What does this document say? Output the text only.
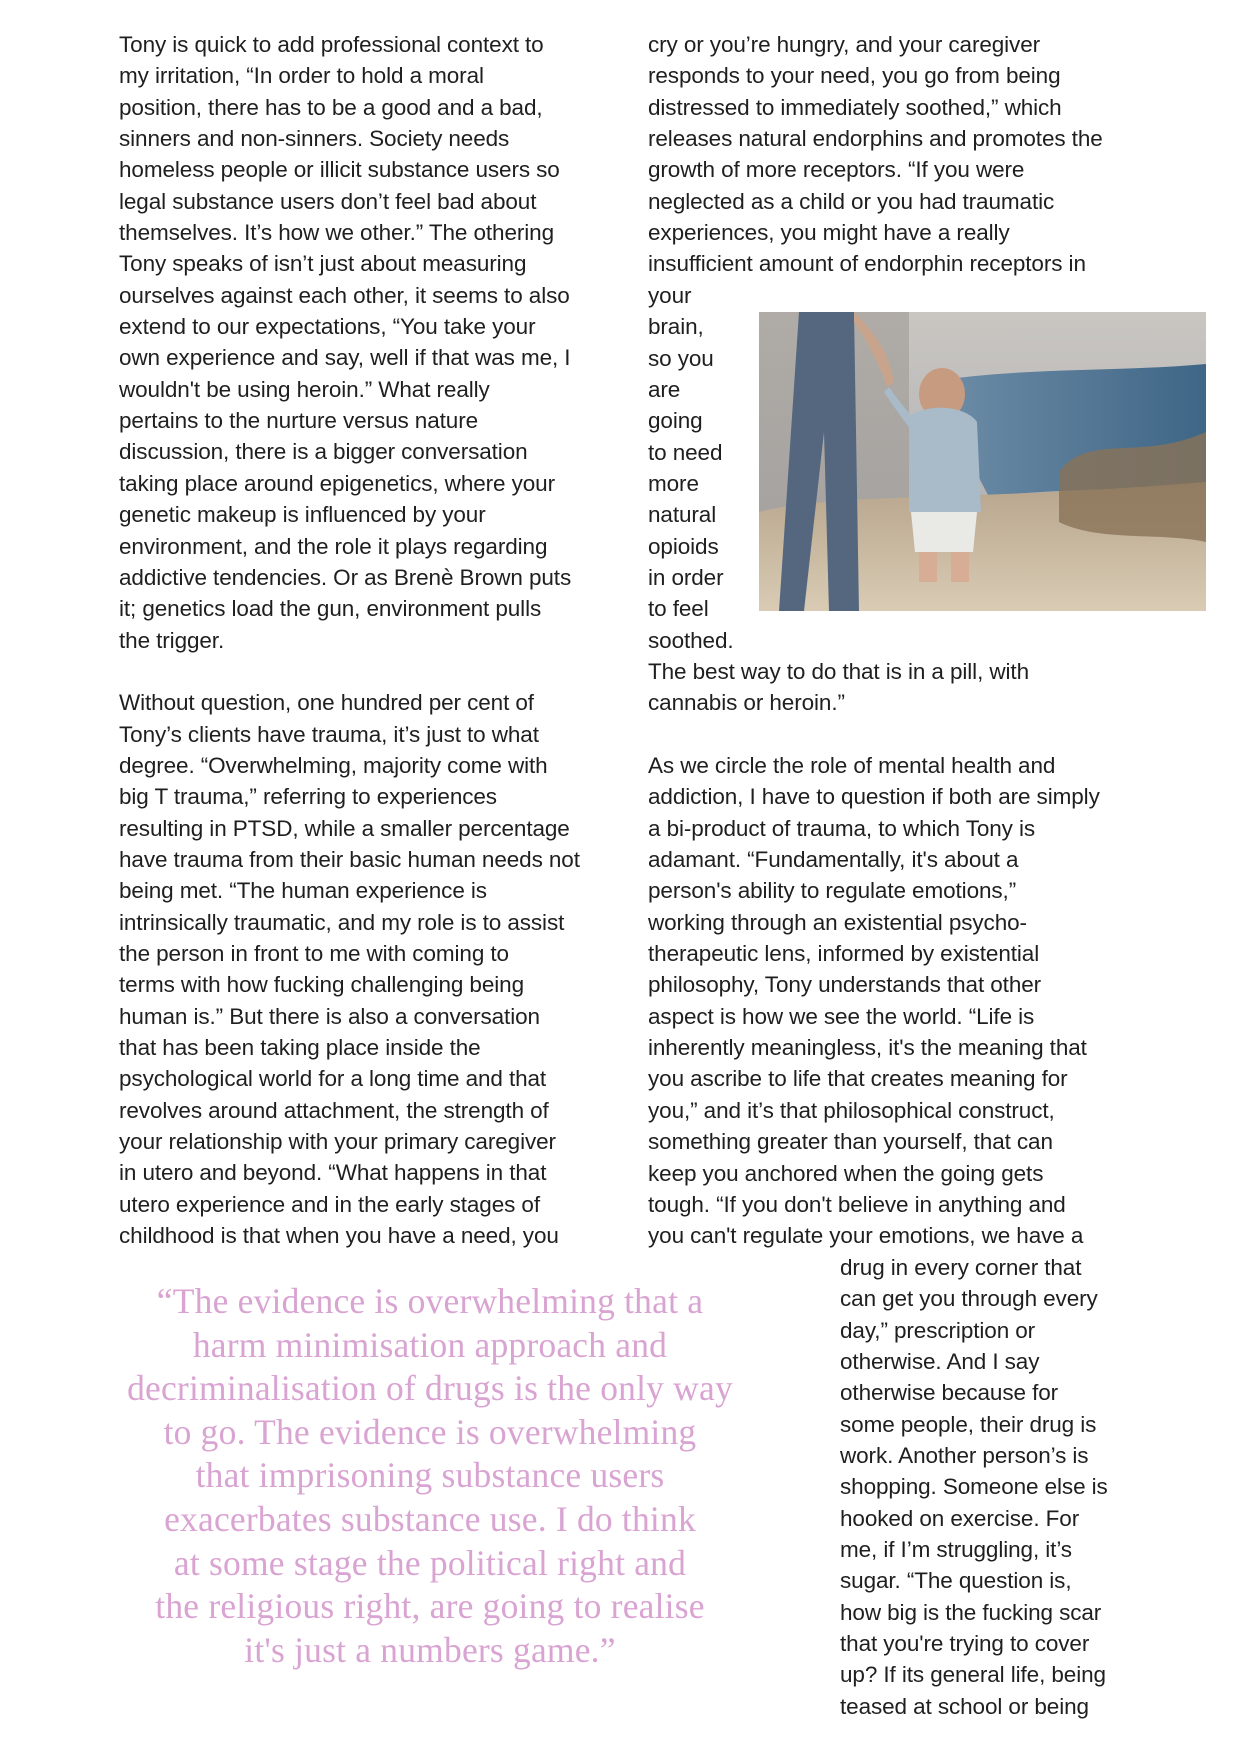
Tony is quick to add professional context to
my irritation, “In order to hold a moral
position, there has to be a good and a bad,
sinners and non-sinners. Society needs
homeless people or illicit substance users so
legal substance users don’t feel bad about
themselves. It’s how we other.” The othering
Tony speaks of isn’t just about measuring
ourselves against each other, it seems to also
extend to our expectations, “You take your
own experience and say, well if that was me, I
wouldn't be using heroin.” What really
pertains to the nurture versus nature
discussion, there is a bigger conversation
taking place around epigenetics, where your
genetic makeup is influenced by your
environment, and the role it plays regarding
addictive tendencies. Or as Brenè Brown puts
it; genetics load the gun, environment pulls
the trigger.
Without question, one hundred per cent of
Tony’s clients have trauma, it’s just to what
degree. “Overwhelming, majority come with
big T trauma,” referring to experiences
resulting in PTSD, while a smaller percentage
have trauma from their basic human needs not
being met. “The human experience is
intrinsically traumatic, and my role is to assist
the person in front to me with coming to
terms with how fucking challenging being
human is.” But there is also a conversation
that has been taking place inside the
psychological world for a long time and that
revolves around attachment, the strength of
your relationship with your primary caregiver
in utero and beyond. “What happens in that
utero experience and in the early stages of
childhood is that when you have a need, you
cry or you’re hungry, and your caregiver
responds to your need, you go from being
distressed to immediately soothed,” which
releases natural endorphins and promotes the
growth of more receptors. “If you were
neglected as a child or you had traumatic
experiences, you might have a really
insufficient amount of endorphin receptors in
your
brain,
so you
are
going
to need
more
natural
opioids
in order
to feel
soothed.
The best way to do that is in a pill, with
cannabis or heroin.”
As we circle the role of mental health and
addiction, I have to question if both are simply
a bi-product of trauma, to which Tony is
adamant. “Fundamentally, it's about a
person's ability to regulate emotions,”
working through an existential psycho-
therapeutic lens, informed by existential
philosophy, Tony understands that other
aspect is how we see the world. “Life is
inherently meaningless, it's the meaning that
you ascribe to life that creates meaning for
you,” and it’s that philosophical construct,
something greater than yourself, that can
keep you anchored when the going gets
tough. “If you don't believe in anything and
you can't regulate your emotions, we have a
drug in every corner that
can get you through every
day,” prescription or
otherwise. And I say
otherwise because for
some people, their drug is
work. Another person’s is
shopping. Someone else is
hooked on exercise. For
me, if I’m struggling, it’s
sugar. “The question is,
how big is the fucking scar
that you're trying to cover
up? If its general life, being
teased at school or being
“The evidence is overwhelming that a
harm minimisation approach and
decriminalisation of drugs is the only way
to go. The evidence is overwhelming
that imprisoning substance users
exacerbates substance use. I do think
at some stage the political right and
the religious right, are going to realise
it's just a numbers game.”
